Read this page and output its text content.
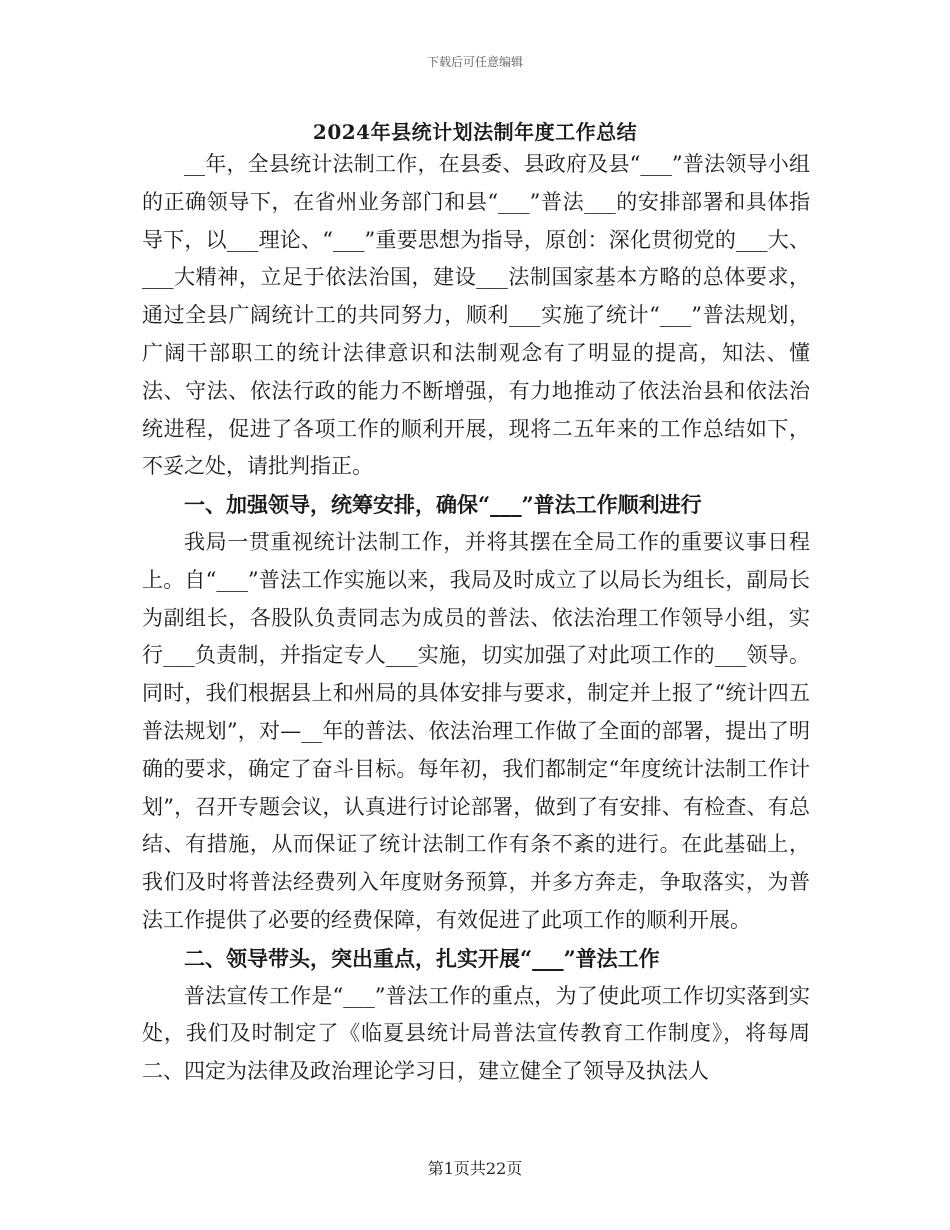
下载后可任意编辑
2024年县统计划法制年度工作总结

__年，全县统计法制工作，在县委、县政府及县“___”普法领导小组的正确领导下，在省州业务部门和县“___”普法___的安排部署和具体指导下，以___理论、“___”重要思想为指导，原创：深化贯彻党的___大、___大精神，立足于依法治国，建设___法制国家基本方略的总体要求，通过全县广阔统计工的共同努力，顺利___实施了统计“___”普法规划，广阔干部职工的统计法律意识和法制观念有了明显的提高，知法、懂法、守法、依法行政的能力不断增强，有力地推动了依法治县和依法治统进程，促进了各项工作的顺利开展，现将二五年来的工作总结如下，不妥之处，请批判指正。

一、加强领导，统筹安排，确保“___”普法工作顺利进行

我局一贯重视统计法制工作，并将其摆在全局工作的重要议事日程上。自“___”普法工作实施以来，我局及时成立了以局长为组长，副局长为副组长，各股队负责同志为成员的普法、依法治理工作领导小组，实行___负责制，并指定专人___实施，切实加强了对此项工作的___领导。同时，我们根据县上和州局的具体安排与要求，制定并上报了“统计四五普法规划”，对—__年的普法、依法治理工作做了全面的部署，提出了明确的要求，确定了奋斗目标。每年初，我们都制定“年度统计法制工作计划”，召开专题会议，认真进行讨论部署，做到了有安排、有检查、有总结、有措施，从而保证了统计法制工作有条不紊的进行。在此基础上，我们及时将普法经费列入年度财务预算，并多方奔走，争取落实，为普法工作提供了必要的经费保障，有效促进了此项工作的顺利开展。

二、领导带头，突出重点，扎实开展“___”普法工作

普法宣传工作是“___”普法工作的重点，为了使此项工作切实落到实处，我们及时制定了《临夏县统计局普法宣传教育工作制度》，将每周二、四定为法律及政治理论学习日，建立健全了领导及执法人

第1页共22页
